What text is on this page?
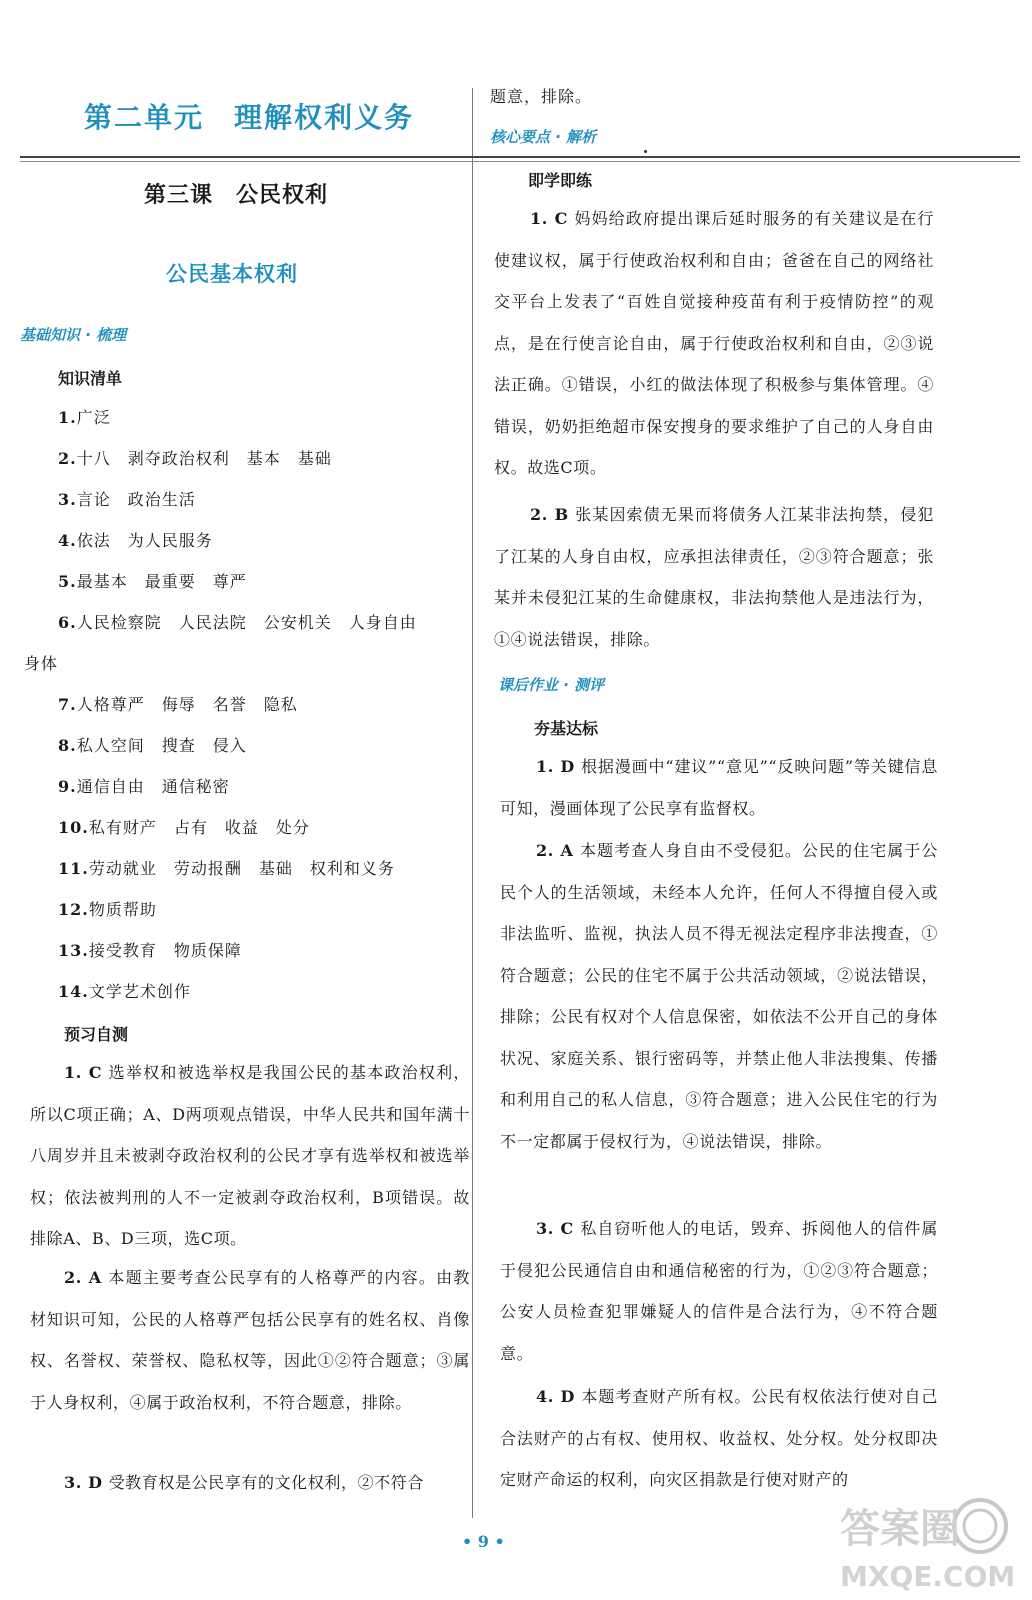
第二单元　理解权利义务
第三课　公民权利
公民基本权利
基础知识 · 梳理
知识清单
1.广泛
2.十八　剥夺政治权利　基本　基础
3.言论　政治生活
4.依法　为人民服务
5.最基本　最重要　尊严
6.人民检察院　人民法院　公安机关　人身自由
身体
7.人格尊严　侮辱　名誉　隐私
8.私人空间　搜查　侵入
9.通信自由　通信秘密
10.私有财产　占有　收益　处分
11.劳动就业　劳动报酬　基础　权利和义务
12.物质帮助
13.接受教育　物质保障
14.文学艺术创作
预习自测
1. C 选举权和被选举权是我国公民的基本政治权利，所以C项正确；A、D两项观点错误，中华人民共和国年满十八周岁并且未被剥夺政治权利的公民才享有选举权和被选举权；依法被判刑的人不一定被剥夺政治权利，B项错误。故排除A、B、D三项，选C项。
2. A 本题主要考查公民享有的人格尊严的内容。由教材知识可知，公民的人格尊严包括公民享有的姓名权、肖像权、名誉权、荣誉权、隐私权等，因此①②符合题意；③属于人身权利，④属于政治权利，不符合题意，排除。
3. D 受教育权是公民享有的文化权利，②不符合
题意，排除。
核心要点 · 解析
即学即练
1. C 妈妈给政府提出课后延时服务的有关建议是在行使建议权，属于行使政治权利和自由；爸爸在自己的网络社交平台上发表了“百姓自觉接种疫苗有利于疫情防控”的观点，是在行使言论自由，属于行使政治权利和自由，②③说法正确。①错误，小红的做法体现了积极参与集体管理。④错误，奶奶拒绝超市保安搜身的要求维护了自己的人身自由权。故选C项。
2. B 张某因索债无果而将债务人江某非法拘禁，侵犯了江某的人身自由权，应承担法律责任，②③符合题意；张某并未侵犯江某的生命健康权，非法拘禁他人是违法行为，①④说法错误，排除。
课后作业 · 测评
夯基达标
1. D 根据漫画中“建议”“意见”“反映问题”等关键信息可知，漫画体现了公民享有监督权。
2. A 本题考查人身自由不受侵犯。公民的住宅属于公民个人的生活领域，未经本人允许，任何人不得擅自侵入或非法监听、监视，执法人员不得无视法定程序非法搜查，①符合题意；公民的住宅不属于公共活动领域，②说法错误，排除；公民有权对个人信息保密，如依法不公开自己的身体状况、家庭关系、银行密码等，并禁止他人非法搜集、传播和利用自己的私人信息，③符合题意；进入公民住宅的行为不一定都属于侵权行为，④说法错误，排除。
3. C 私自窃听他人的电话，毁弃、拆阅他人的信件属于侵犯公民通信自由和通信秘密的行为，①②③符合题意；公安人员检查犯罪嫌疑人的信件是合法行为，④不符合题意。
4. D 本题考查财产所有权。公民有权依法行使对自己合法财产的占有权、使用权、收益权、处分权。处分权即决定财产命运的权利，向灾区捐款是行使对财产的
• 9 •	答案圈
MXQE.COM
